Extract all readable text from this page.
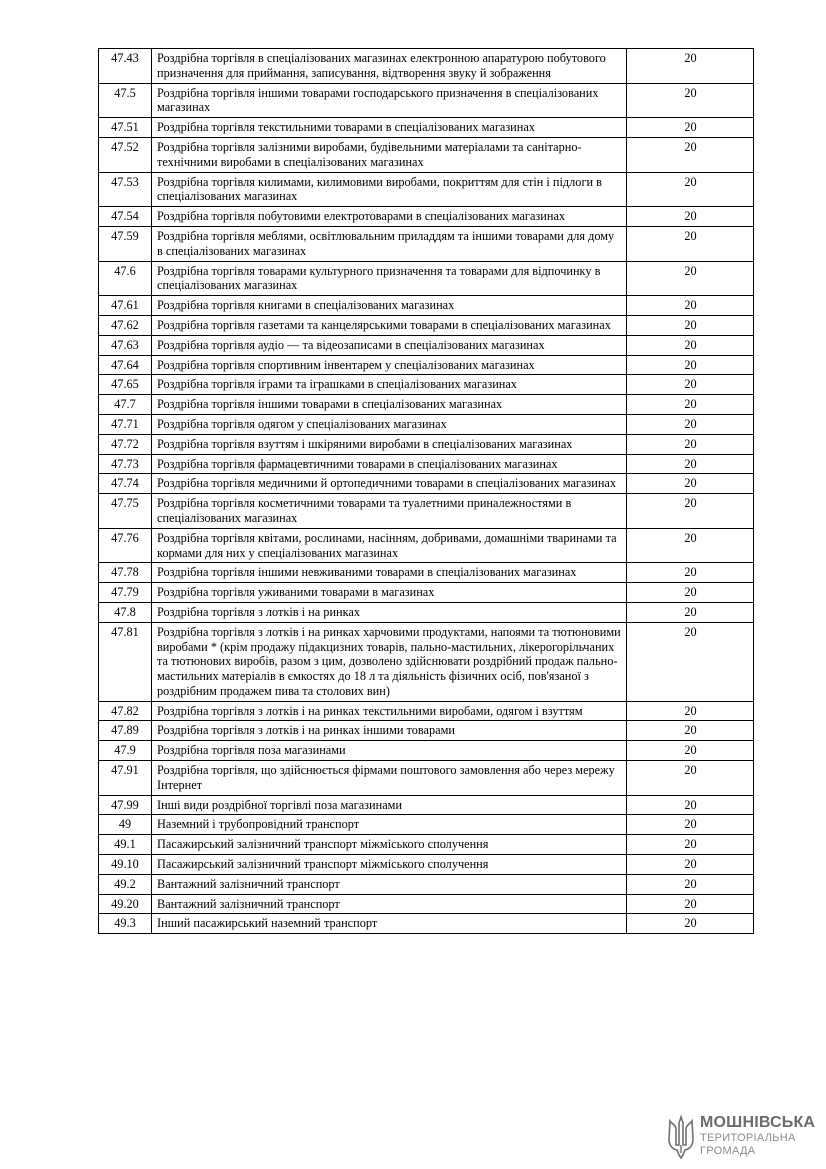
47.43	Роздрібна торгівля в спеціалізованих магазинах електронною апаратурою побутового призначення для приймання, записування, відтворення звуку й зображення	20
47.5	Роздрібна торгівля іншими товарами господарського призначення в спеціалізованих магазинах	20
47.51	Роздрібна торгівля текстильними товарами в спеціалізованих магазинах	20
47.52	Роздрібна торгівля залізними виробами, будівельними матеріалами та санітарно-технічними виробами в спеціалізованих магазинах	20
47.53	Роздрібна торгівля килимами, килимовими виробами, покриттям для стін і підлоги в спеціалізованих магазинах	20
47.54	Роздрібна торгівля побутовими електротоварами в спеціалізованих магазинах	20
47.59	Роздрібна торгівля меблями, освітлювальним приладдям та іншими товарами для дому в спеціалізованих магазинах	20
47.6	Роздрібна торгівля товарами культурного призначення та товарами для відпочинку в спеціалізованих магазинах	20
47.61	Роздрібна торгівля книгами в спеціалізованих магазинах	20
47.62	Роздрібна торгівля газетами та канцелярськими товарами в спеціалізованих магазинах	20
47.63	Роздрібна торгівля аудіо — та відеозаписами в спеціалізованих магазинах	20
47.64	Роздрібна торгівля спортивним інвентарем у спеціалізованих магазинах	20
47.65	Роздрібна торгівля іграми та іграшками в спеціалізованих магазинах	20
47.7	Роздрібна торгівля іншими товарами в спеціалізованих магазинах	20
47.71	Роздрібна торгівля одягом у спеціалізованих магазинах	20
47.72	Роздрібна торгівля взуттям і шкіряними виробами в спеціалізованих магазинах	20
47.73	Роздрібна торгівля фармацевтичними товарами в спеціалізованих магазинах	20
47.74	Роздрібна торгівля медичними й ортопедичними товарами в спеціалізованих магазинах	20
47.75	Роздрібна торгівля косметичними товарами та туалетними приналежностями в спеціалізованих магазинах	20
47.76	Роздрібна торгівля квітами, рослинами, насінням, добривами, домашніми тваринами та кормами для них у спеціалізованих магазинах	20
47.78	Роздрібна торгівля іншими невживаними товарами в спеціалізованих магазинах	20
47.79	Роздрібна торгівля уживаними товарами в магазинах	20
47.8	Роздрібна торгівля з лотків і на ринках	20
47.81	Роздрібна торгівля з лотків і на ринках харчовими продуктами, напоями та тютюновими виробами * (крім продажу підакцизних товарів, пально-мастильних, лікерогорільчаних та тютюнових виробів, разом з цим, дозволено здійснювати роздрібний продаж пально-мастильних матеріалів в ємкостях до 18 л та діяльність фізичних осіб, пов'язаної з роздрібним продажем пива та столових вин)	20
47.82	Роздрібна торгівля з лотків і на ринках текстильними виробами, одягом і взуттям	20
47.89	Роздрібна торгівля з лотків і на ринках іншими товарами	20
47.9	Роздрібна торгівля поза магазинами	20
47.91	Роздрібна торгівля, що здійснюється фірмами поштового замовлення або через мережу Інтернет	20
47.99	Інші види роздрібної торгівлі поза магазинами	20
49	Наземний і трубопровідний транспорт	20
49.1	Пасажирський залізничний транспорт міжміського сполучення	20
49.10	Пасажирський залізничний транспорт міжміського сполучення	20
49.2	Вантажний залізничний транспорт	20
49.20	Вантажний залізничний транспорт	20
49.3	Інший пасажирський наземний транспорт	20
МОШНІВСЬКА
ТЕРИТОРІАЛЬНА
ГРОМАДА
